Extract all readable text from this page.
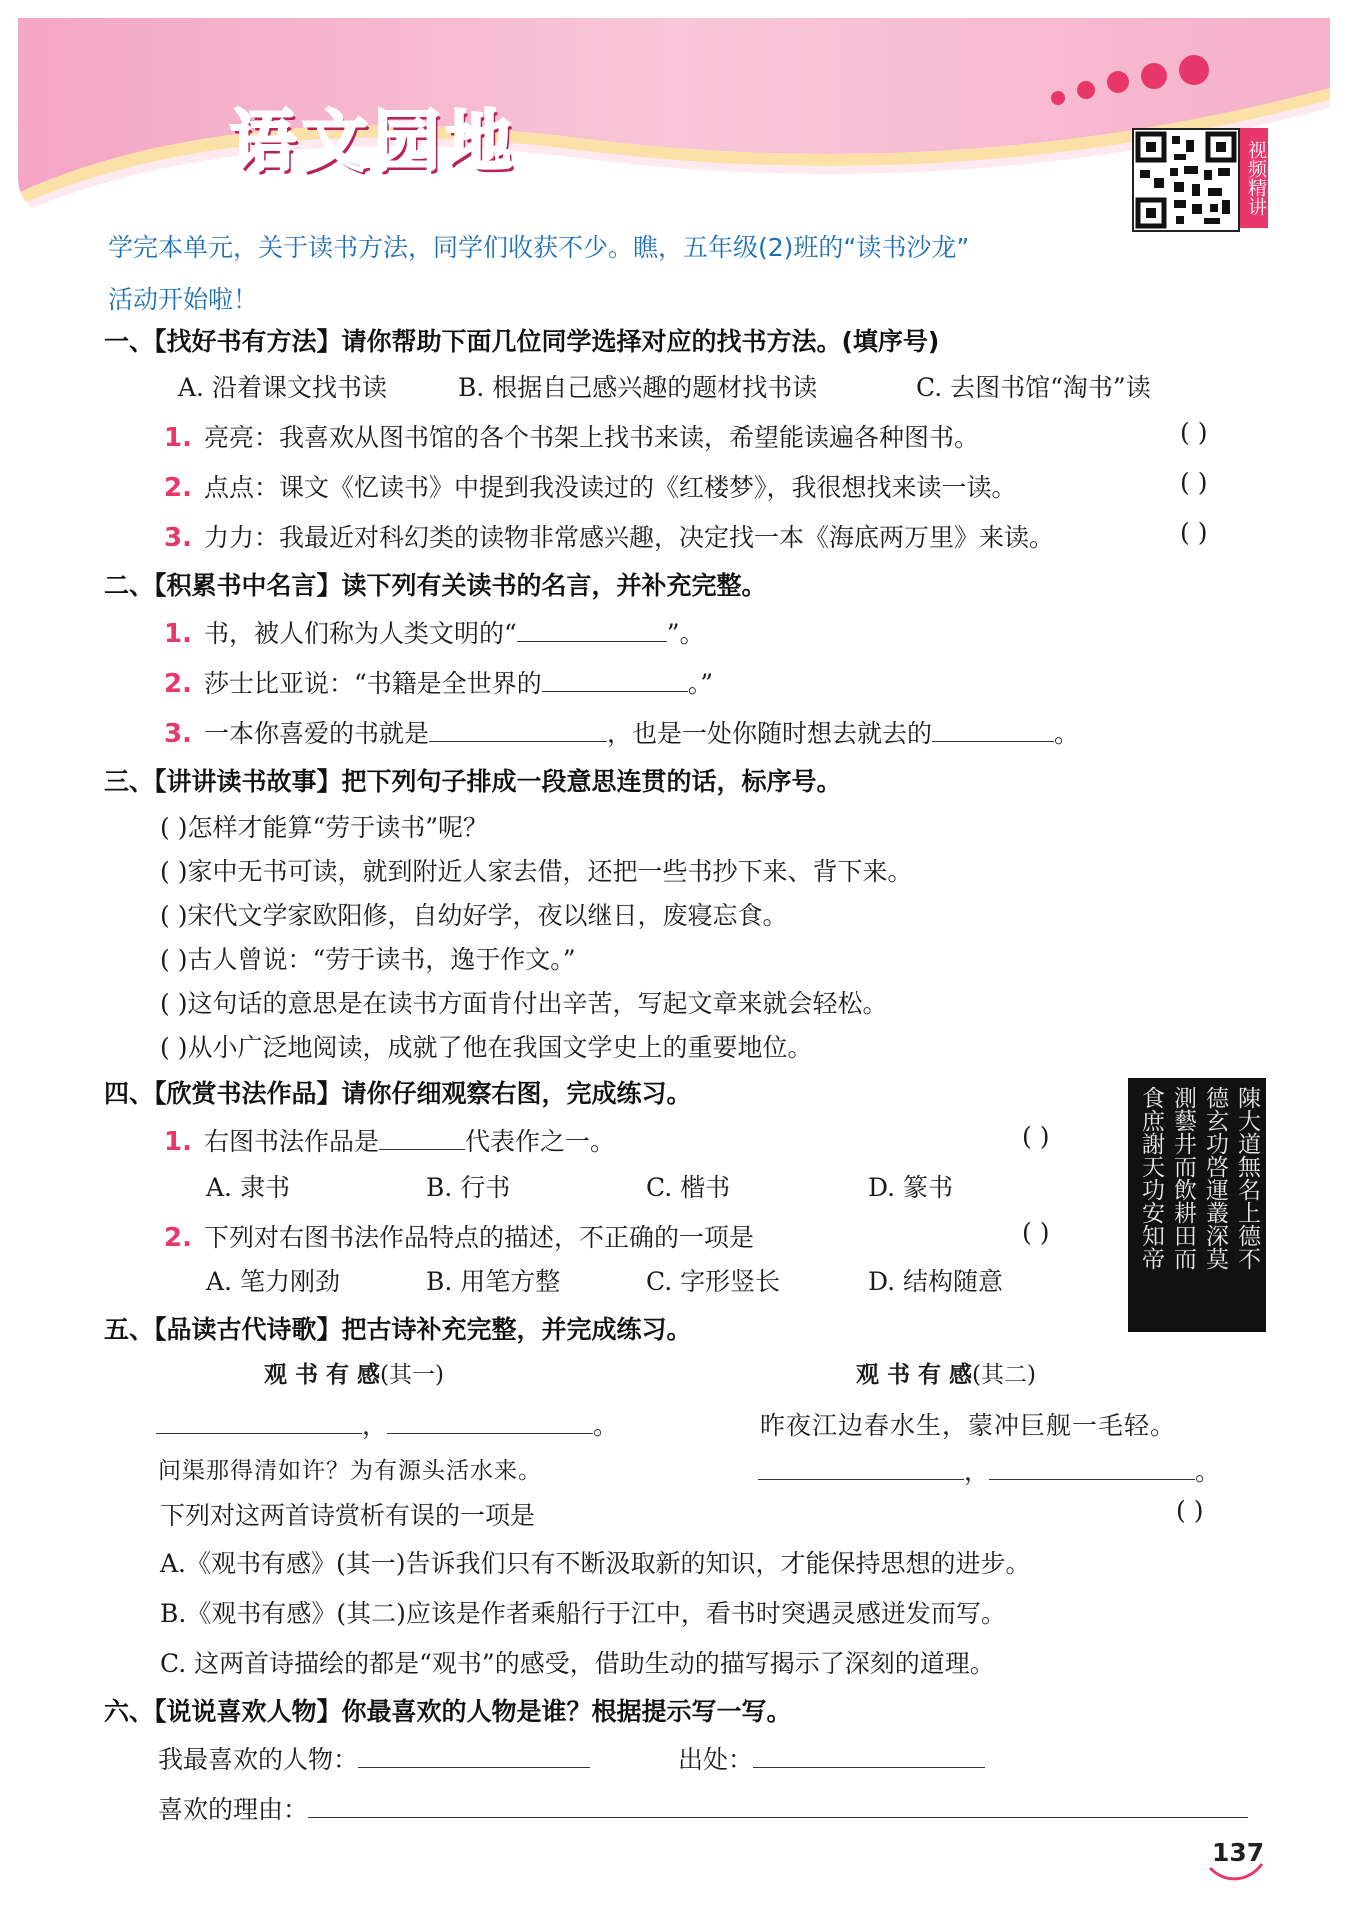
语文园地	视频精讲
学完本单元，关于读书方法，同学们收获不少。瞧，五年级(2)班的“读书沙龙”
活动开始啦！
一、【找好书有方法】请你帮助下面几位同学选择对应的找书方法。(填序号)
A. 沿着课文找书读	B. 根据自己感兴趣的题材找书读	C. 去图书馆“淘书”读
1. 亮亮：我喜欢从图书馆的各个书架上找书来读，希望能读遍各种图书。	( )
2. 点点：课文《忆读书》中提到我没读过的《红楼梦》，我很想找来读一读。	( )
3. 力力：我最近对科幻类的读物非常感兴趣，决定找一本《海底两万里》来读。	( )
二、【积累书中名言】读下列有关读书的名言，并补充完整。
1. 书，被人们称为人类文明的“	”。
2. 莎士比亚说：“书籍是全世界的	。”
3. 一本你喜爱的书就是	，也是一处你随时想去就去的	。
三、【讲讲读书故事】把下列句子排成一段意思连贯的话，标序号。
( )怎样才能算“劳于读书”呢？
( )家中无书可读，就到附近人家去借，还把一些书抄下来、背下来。
( )宋代文学家欧阳修，自幼好学，夜以继日，废寝忘食。
( )古人曾说：“劳于读书，逸于作文。”
( )这句话的意思是在读书方面肯付出辛苦，写起文章来就会轻松。
( )从小广泛地阅读，成就了他在我国文学史上的重要地位。
四、【欣赏书法作品】请你仔细观察右图，完成练习。
1. 右图书法作品是	代表作之一。	( )
A. 隶书	B. 行书	C. 楷书	D. 篆书
2. 下列对右图书法作品特点的描述，不正确的一项是	( )
A. 笔力刚劲	B. 用笔方整	C. 字形竖长	D. 结构随意
陳大道無名上德不
德玄功啓運叢深莫
測藝井而飲耕田而
食庶謝天功安知帝
五、【品读古代诗歌】把古诗补充完整，并完成练习。
观 书 有 感(其一)	观 书 有 感(其二)
，	。	昨夜江边春水生，蒙冲巨舰一毛轻。
问渠那得清如许？为有源头活水来。	，	。
下列对这两首诗赏析有误的一项是	( )
A.《观书有感》(其一)告诉我们只有不断汲取新的知识，才能保持思想的进步。
B.《观书有感》(其二)应该是作者乘船行于江中，看书时突遇灵感迸发而写。
C. 这两首诗描绘的都是“观书”的感受，借助生动的描写揭示了深刻的道理。
六、【说说喜欢人物】你最喜欢的人物是谁？根据提示写一写。
我最喜欢的人物：	出处：
喜欢的理由：
137
